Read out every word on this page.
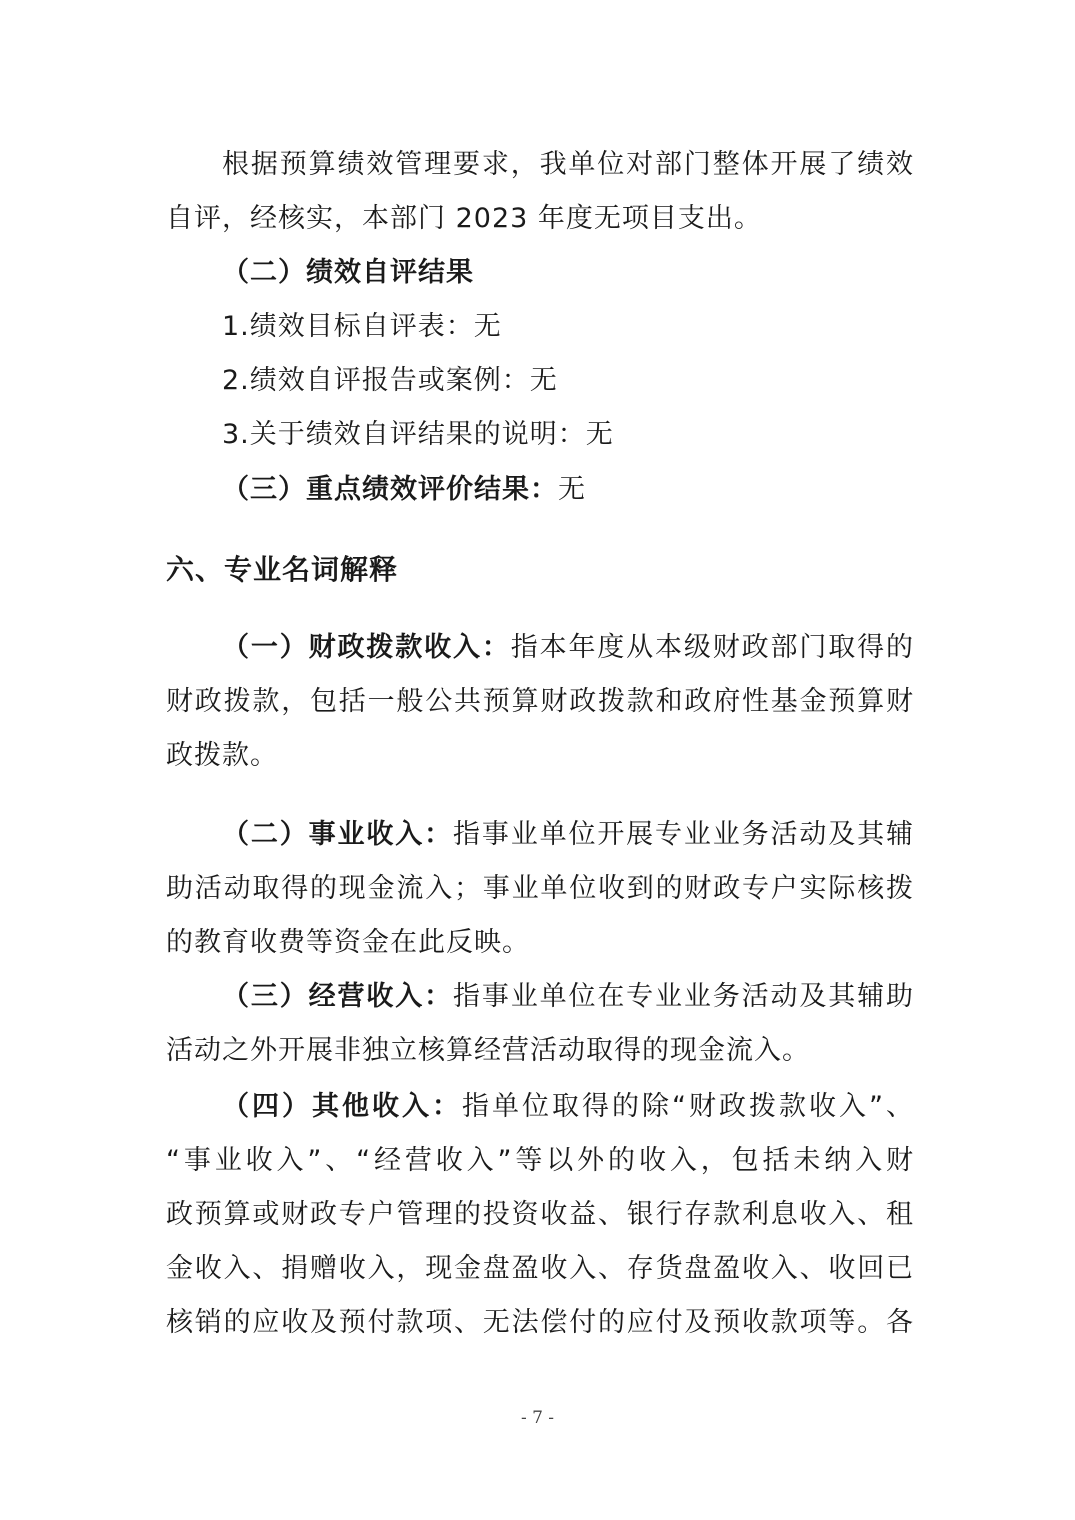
根据预算绩效管理要求，我单位对部门整体开展了绩效
自评，经核实，本部门 2023 年度无项目支出。
（二）绩效自评结果
1.绩效目标自评表：无
2.绩效自评报告或案例：无
3.关于绩效自评结果的说明：无
（三）重点绩效评价结果：无
六、专业名词解释
（一）财政拨款收入：指本年度从本级财政部门取得的
财政拨款，包括一般公共预算财政拨款和政府性基金预算财
政拨款。
（二）事业收入：指事业单位开展专业业务活动及其辅
助活动取得的现金流入；事业单位收到的财政专户实际核拨
的教育收费等资金在此反映。
（三）经营收入：指事业单位在专业业务活动及其辅助
活动之外开展非独立核算经营活动取得的现金流入。
（四）其他收入：指单位取得的除“财政拨款收入”、
“事业收入”、“经营收入”等以外的收入，包括未纳入财
政预算或财政专户管理的投资收益、银行存款利息收入、租
金收入、捐赠收入，现金盘盈收入、存货盘盈收入、收回已
核销的应收及预付款项、无法偿付的应付及预收款项等。各
- 7 -
